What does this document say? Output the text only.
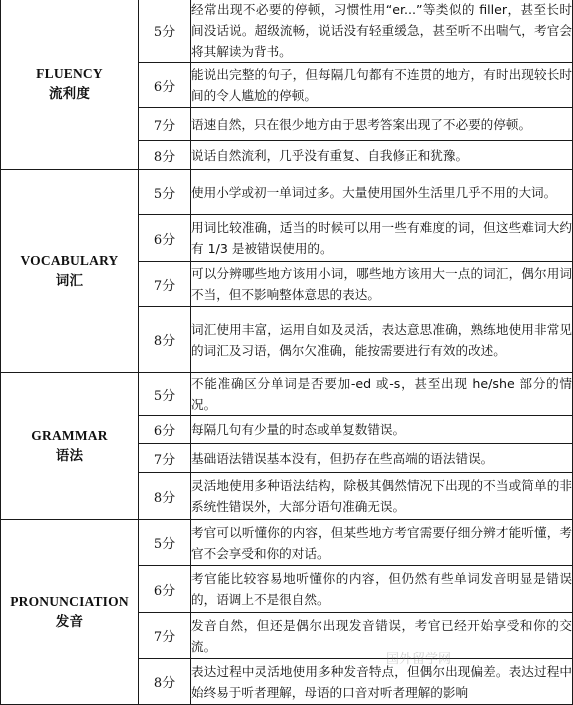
FLUENCY
流利度	5分	经常出现不必要的停顿，习惯性用“er...”等类似的 filler，甚至长时间没话说。超级流畅，说话没有轻重缓急，甚至听不出喘气，考官会将其解读为背书。
	6分	能说出完整的句子，但每隔几句都有不连贯的地方，有时出现较长时间的令人尴尬的停顿。
	7分	语速自然，只在很少地方由于思考答案出现了不必要的停顿。
	8分	说话自然流利，几乎没有重复、自我修正和犹豫。

VOCABULARY
词汇	5分	使用小学或初一单词过多。大量使用国外生活里几乎不用的大词。
	6分	用词比较准确，适当的时候可以用一些有难度的词，但这些难词大约有 1/3 是被错误使用的。
	7分	可以分辨哪些地方该用小词，哪些地方该用大一点的词汇，偶尔用词不当，但不影响整体意思的表达。
	8分	词汇使用丰富，运用自如及灵活，表达意思准确，熟练地使用非常见的词汇及习语，偶尔欠准确，能按需要进行有效的改述。

GRAMMAR
语法	5分	不能准确区分单词是否要加-ed 或-s，甚至出现 he/she 部分的情况。
	6分	每隔几句有少量的时态或单复数错误。
	7分	基础语法错误基本没有，但扔存在些高端的语法错误。
	8分	灵活地使用多种语法结构，除极其偶然情况下出现的不当或简单的非系统性错误外，大部分语句准确无误。

PRONUNCIATION
发音	5分	考官可以听懂你的内容，但某些地方考官需要仔细分辨才能听懂，考官不会享受和你的对话。
	6分	考官能比较容易地听懂你的内容，但仍然有些单词发音明显是错误的，语调上不是很自然。
	7分	发音自然，但还是偶尔出现发音错误，考官已经开始享受和你的交流。
	8分	表达过程中灵活地使用多种发音特点，但偶尔出现偏差。表达过程中始终易于听者理解，母语的口音对听者理解的影响
国外留学网
